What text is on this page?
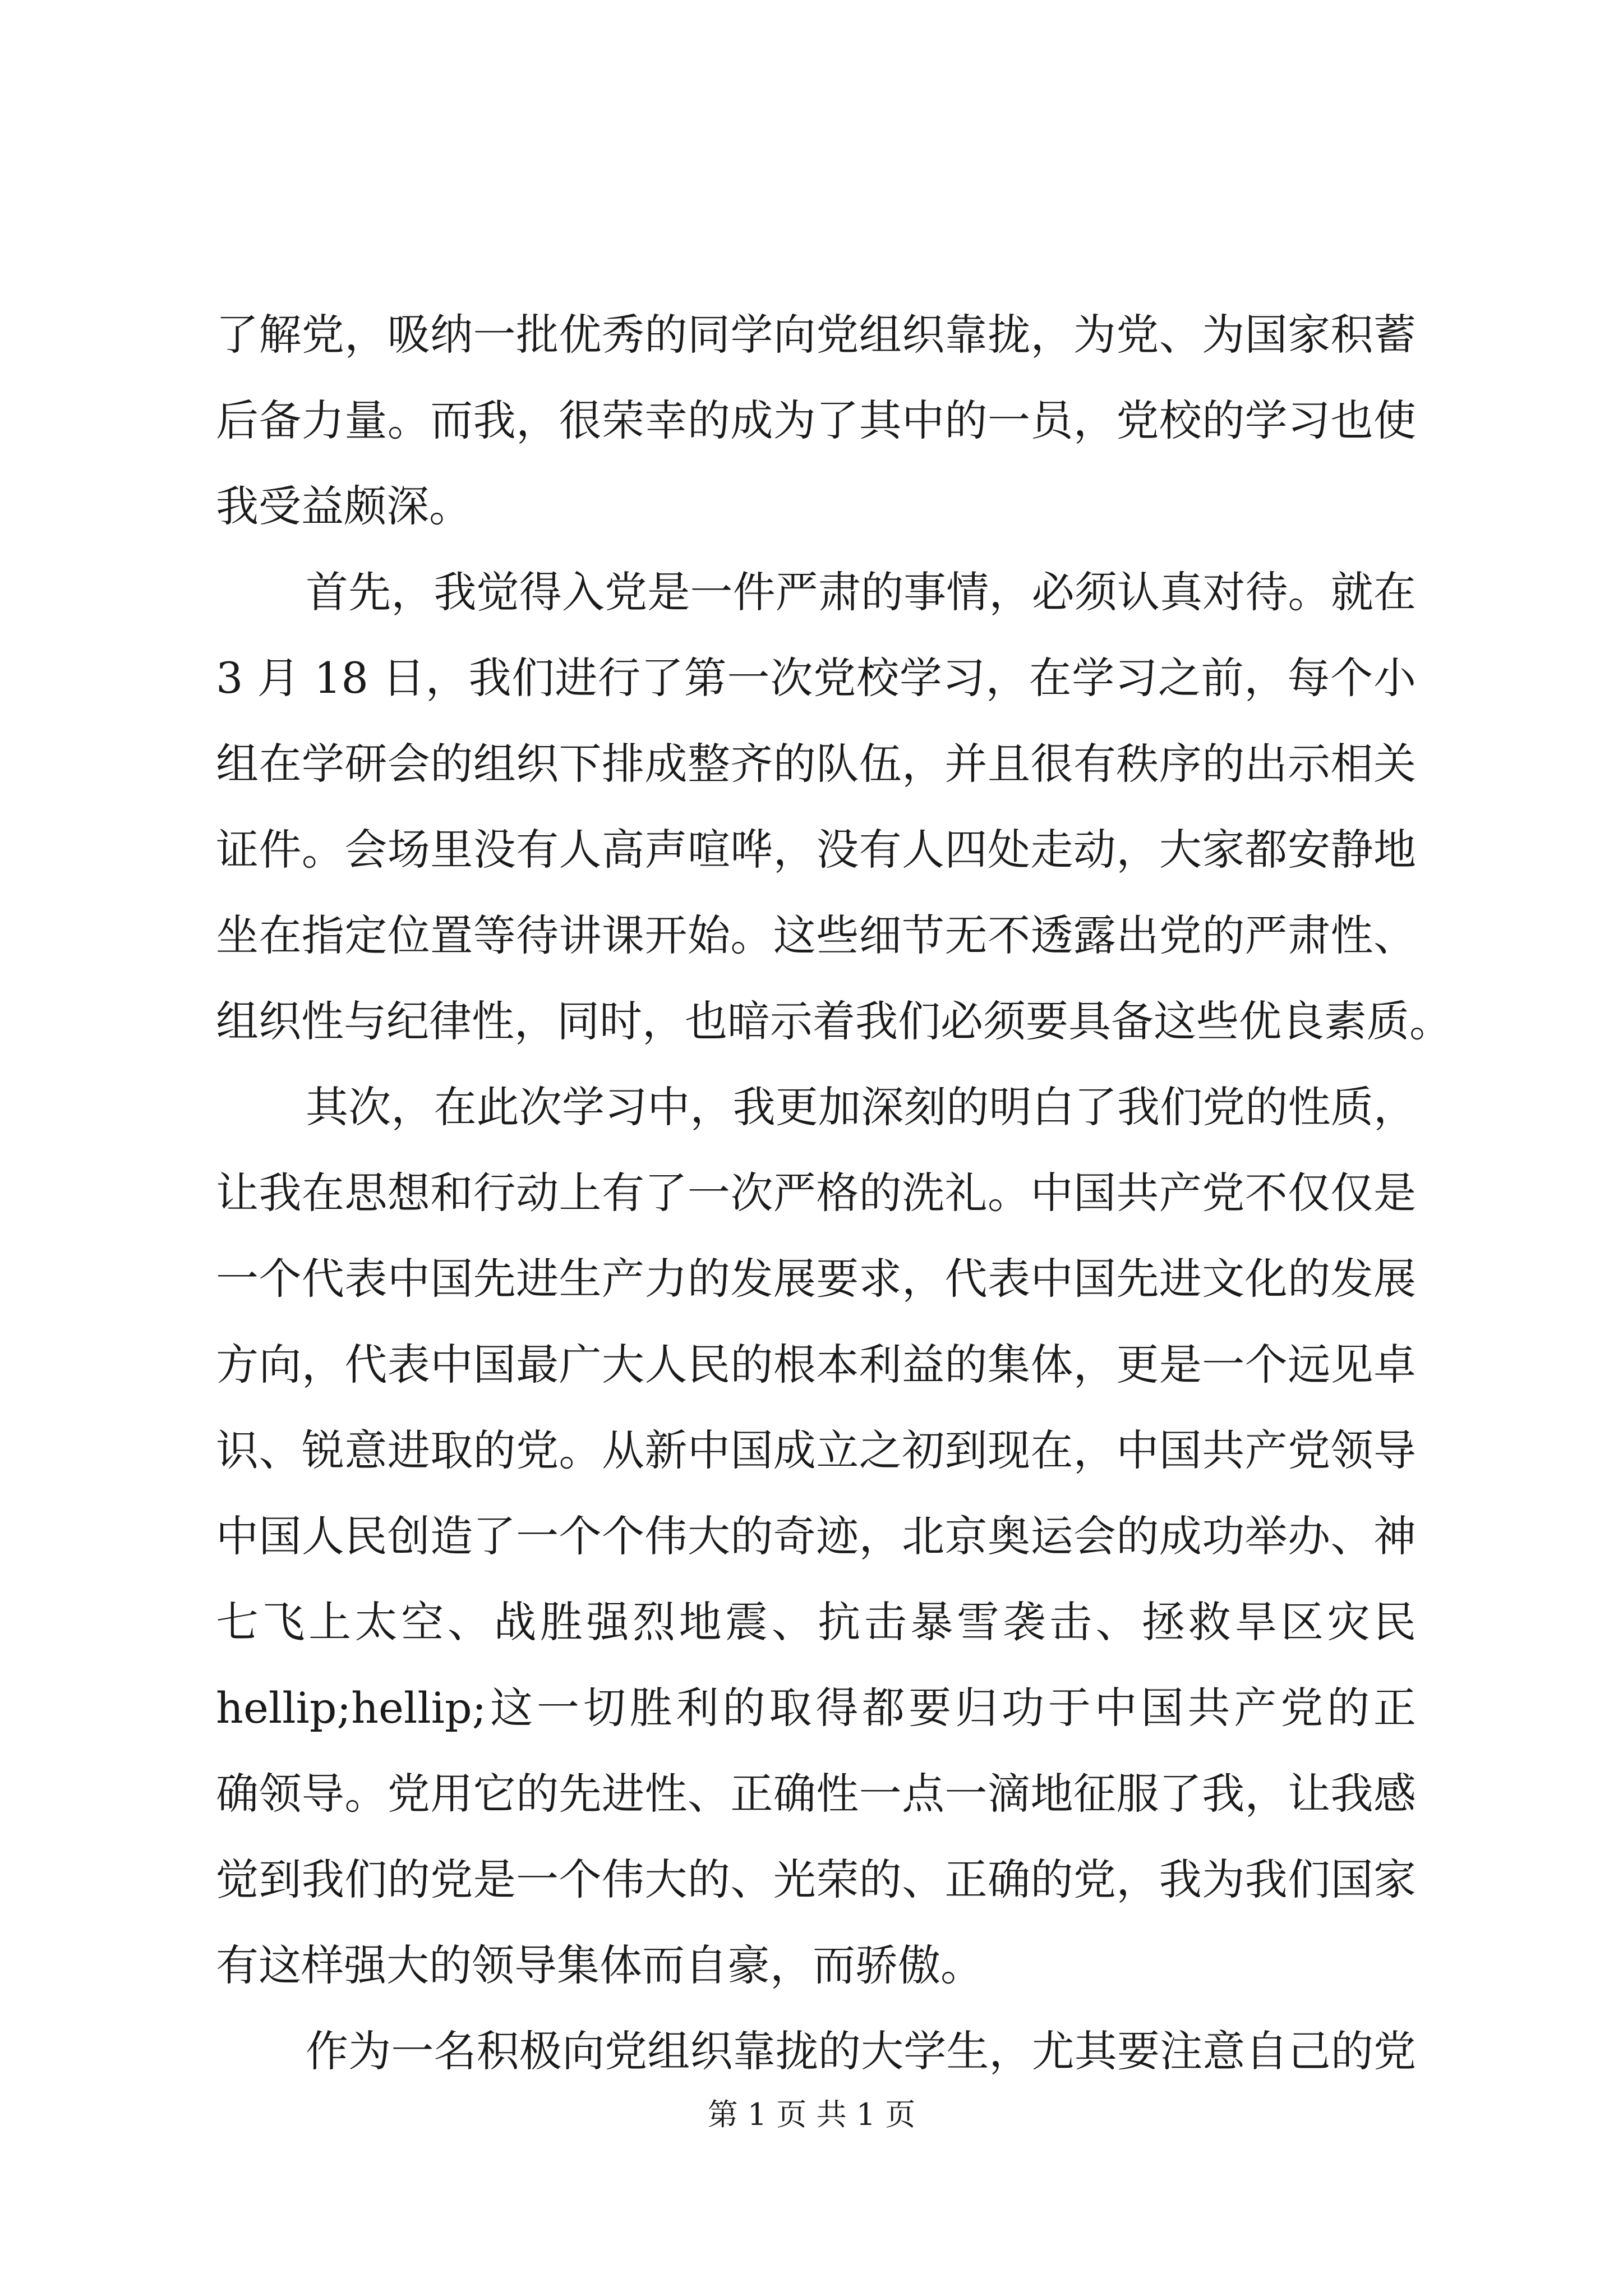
了解党，吸纳一批优秀的同学向党组织靠拢，为党、为国家积蓄
后备力量。而我，很荣幸的成为了其中的一员，党校的学习也使
我受益颇深。
首先，我觉得入党是一件严肃的事情，必须认真对待。就在
3 月 18 日，我们进行了第一次党校学习，在学习之前，每个小
组在学研会的组织下排成整齐的队伍，并且很有秩序的出示相关
证件。会场里没有人高声喧哗，没有人四处走动，大家都安静地
坐在指定位置等待讲课开始。这些细节无不透露出党的严肃性、
组织性与纪律性，同时，也暗示着我们必须要具备这些优良素质。
其次，在此次学习中，我更加深刻的明白了我们党的性质，
让我在思想和行动上有了一次严格的洗礼。中国共产党不仅仅是
一个代表中国先进生产力的发展要求，代表中国先进文化的发展
方向，代表中国最广大人民的根本利益的集体，更是一个远见卓
识、锐意进取的党。从新中国成立之初到现在，中国共产党领导
中国人民创造了一个个伟大的奇迹，北京奥运会的成功举办、神
七飞上太空、战胜强烈地震、抗击暴雪袭击、拯救旱区灾民
hellip;hellip;这一切胜利的取得都要归功于中国共产党的正
确领导。党用它的先进性、正确性一点一滴地征服了我，让我感
觉到我们的党是一个伟大的、光荣的、正确的党，我为我们国家
有这样强大的领导集体而自豪，而骄傲。
作为一名积极向党组织靠拢的大学生，尤其要注意自己的党
第 1 页 共 1 页
